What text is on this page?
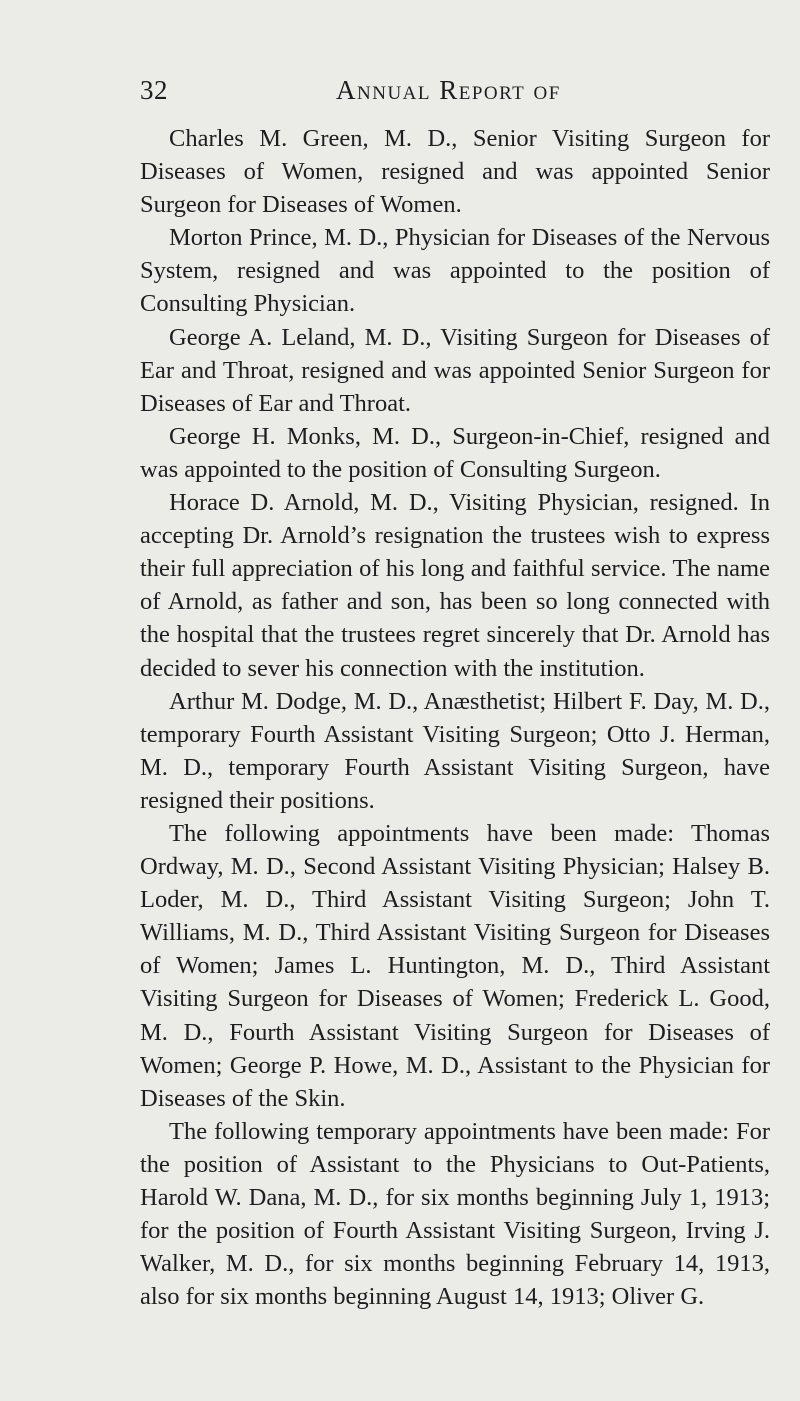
32	Annual Report of

Charles M. Green, M. D., Senior Visiting Surgeon for Diseases of Women, resigned and was appointed Senior Surgeon for Diseases of Women.

Morton Prince, M. D., Physician for Diseases of the Nervous System, resigned and was appointed to the position of Consulting Physician.

George A. Leland, M. D., Visiting Surgeon for Diseases of Ear and Throat, resigned and was appointed Senior Surgeon for Diseases of Ear and Throat.

George H. Monks, M. D., Surgeon-in-Chief, resigned and was appointed to the position of Consulting Surgeon.

Horace D. Arnold, M. D., Visiting Physician, resigned. In accepting Dr. Arnold’s resignation the trustees wish to express their full appreciation of his long and faithful service. The name of Arnold, as father and son, has been so long connected with the hospital that the trustees regret sincerely that Dr. Arnold has decided to sever his connection with the institution.

Arthur M. Dodge, M. D., Anæsthetist; Hilbert F. Day, M. D., temporary Fourth Assistant Visiting Surgeon; Otto J. Herman, M. D., temporary Fourth Assistant Visiting Surgeon, have resigned their positions.

The following appointments have been made: Thomas Ordway, M. D., Second Assistant Visiting Physician; Halsey B. Loder, M. D., Third Assistant Visiting Surgeon; John T. Williams, M. D., Third Assistant Visiting Surgeon for Diseases of Women; James L. Huntington, M. D., Third Assistant Visiting Surgeon for Diseases of Women; Frederick L. Good, M. D., Fourth Assistant Visiting Surgeon for Diseases of Women; George P. Howe, M. D., Assistant to the Physician for Diseases of the Skin.

The following temporary appointments have been made: For the position of Assistant to the Physicians to Out-Patients, Harold W. Dana, M. D., for six months beginning July 1, 1913; for the position of Fourth Assistant Visiting Surgeon, Irving J. Walker, M. D., for six months beginning February 14, 1913, also for six months beginning August 14, 1913; Oliver G.
